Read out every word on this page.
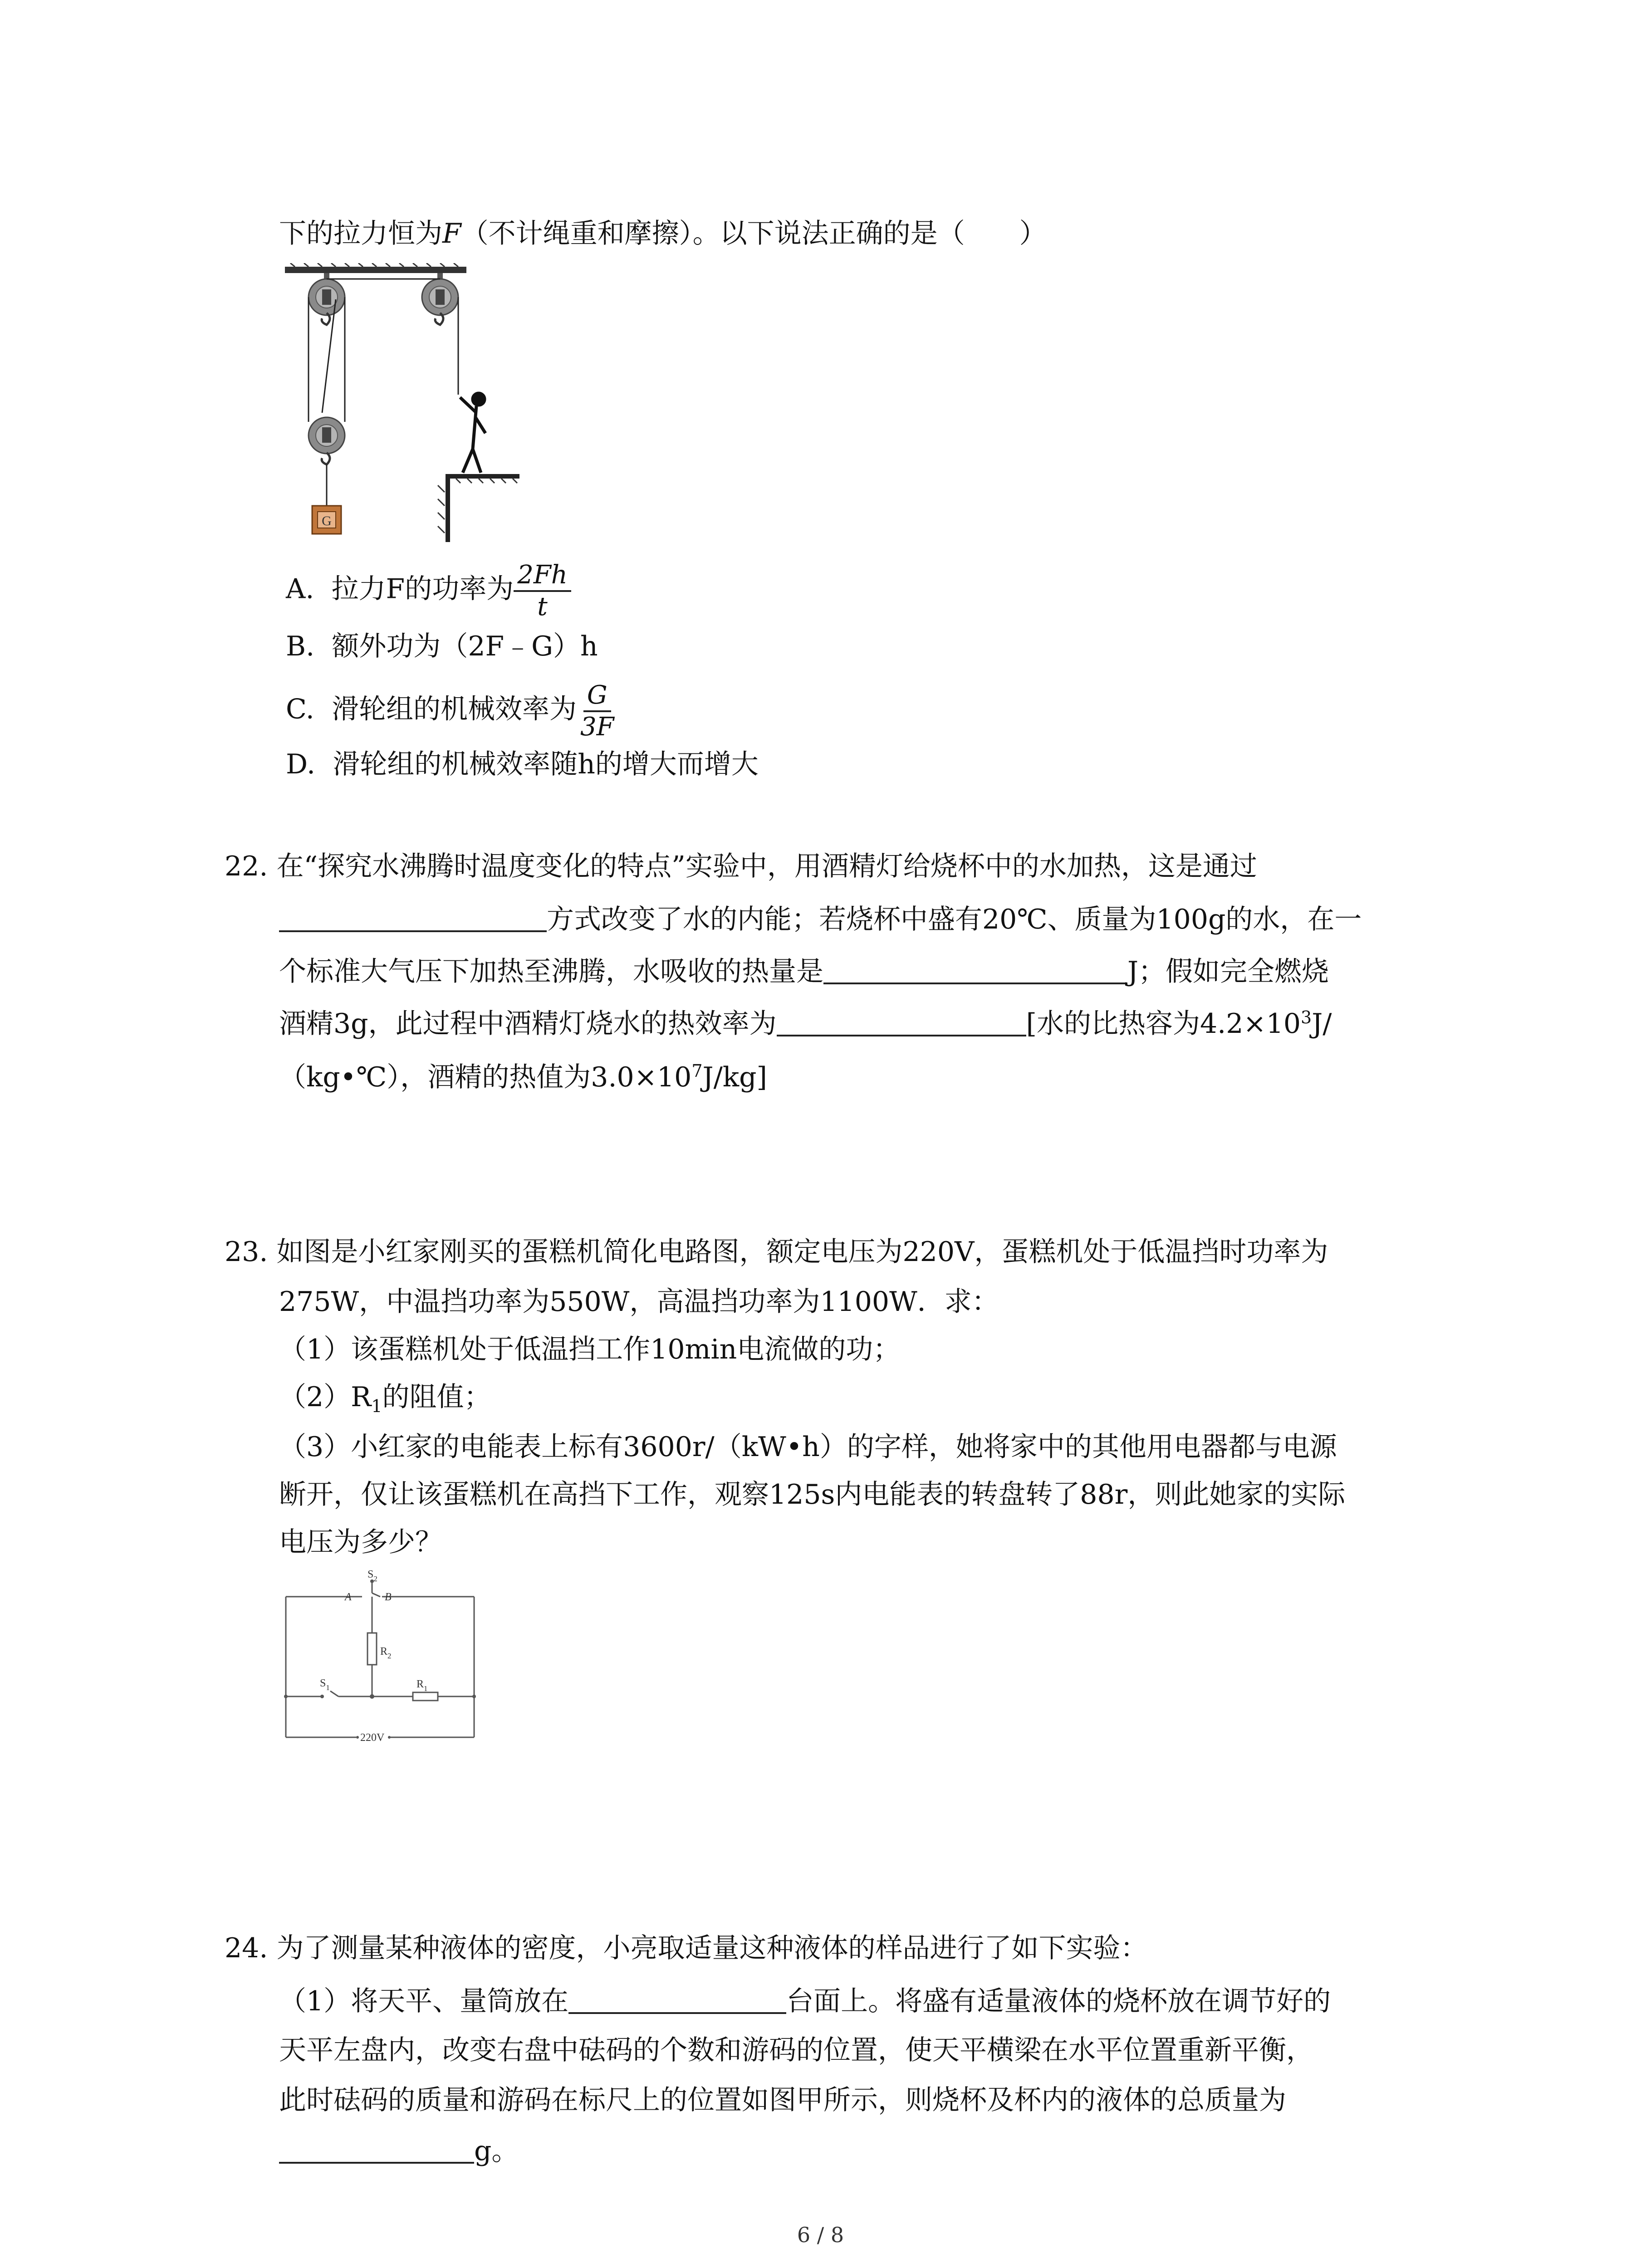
下的拉力恒为F（不计绳重和摩擦）。以下说法正确的是（　　）
G
A. 拉力F的功率为 $\frac{2Fh}{t}$
B. 额外功为（2F﹣G）h
C. 滑轮组的机械效率为 $\frac{G}{3F}$
D. 滑轮组的机械效率随h的增大而增大
22. 在“探究水沸腾时温度变化的特点”实验中，用酒精灯给烧杯中的水加热，这是通过
方式改变了水的内能；若烧杯中盛有20℃、质量为100g的水，在一
个标准大气压下加热至沸腾，水吸收的热量是	J；假如完全燃烧
酒精3g，此过程中酒精灯烧水的热效率为	[水的比热容为$4.2\times 10^3J/$
（kg•℃），酒精的热值为$3.0\times 10^7J/kg$]
23. 如图是小红家刚买的蛋糕机简化电路图，额定电压为220V，蛋糕机处于低温挡时功率为
275W，中温挡功率为550W，高温挡功率为1100W．求：
（1）该蛋糕机处于低温挡工作10min电流做的功；
$(2)R_1$的阻值；
（3）小红家的电能表上标有3600r/（kW•h）的字样，她将家中的其他用电器都与电源
断开，仅让该蛋糕机在高挡下工作，观察125s内电能表的转盘转了88r，则此她家的实际
电压为多少？
$S_2$
A	B
$R_2$
$S_1$	$R_1$
220V
24. 为了测量某种液体的密度，小亮取适量这种液体的样品进行了如下实验：
（1）将天平、量筒放在	台面上。将盛有适量液体的烧杯放在调节好的
天平左盘内，改变右盘中砝码的个数和游码的位置，使天平横梁在水平位置重新平衡，
此时砝码的质量和游码在标尺上的位置如图甲所示，则烧杯及杯内的液体的总质量为
g。
6 / 8
